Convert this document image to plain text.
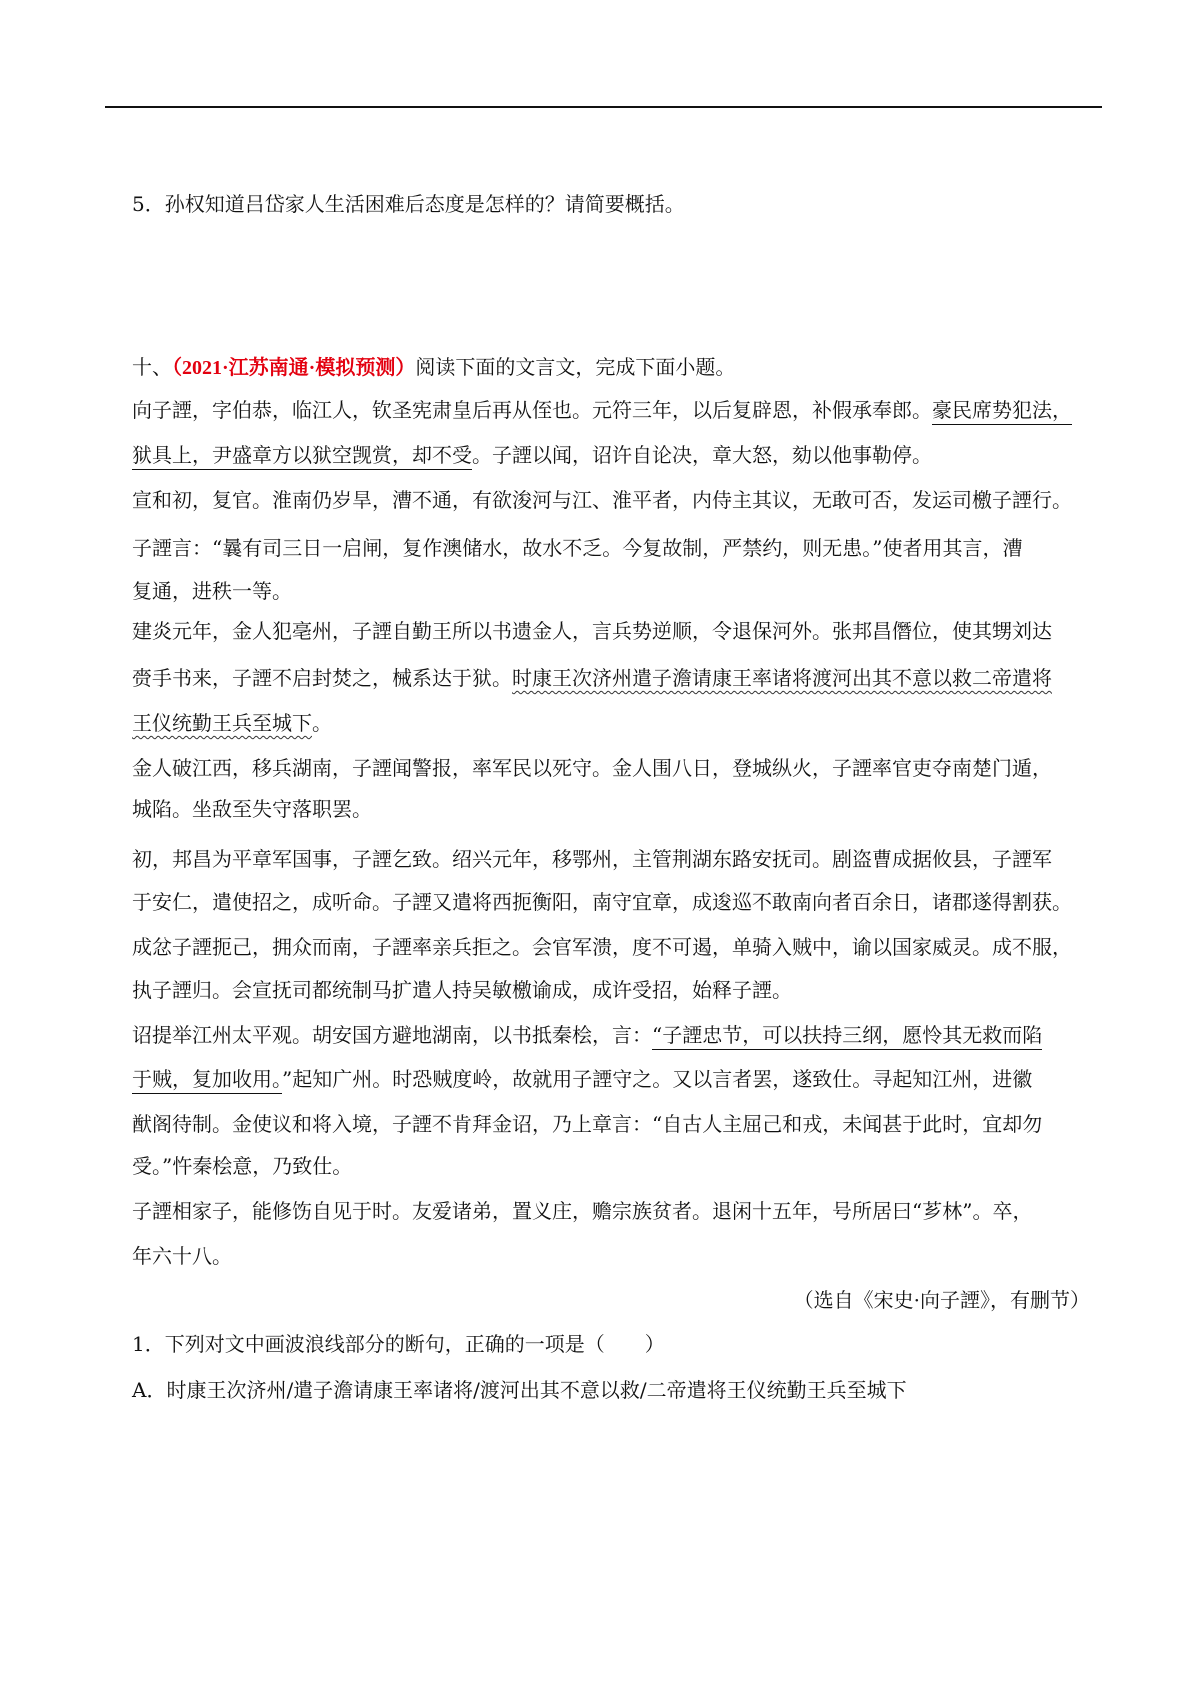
5．孙权知道吕岱家人生活困难后态度是怎样的？请简要概括。
十、（2021·江苏南通·模拟预测）阅读下面的文言文，完成下面小题。
向子諲，字伯恭，临江人，钦圣宪肃皇后再从侄也。元符三年，以后复辟恩，补假承奉郎。豪民席势犯法，
狱具上，尹盛章方以狱空觊赏，却不受。子諲以闻，诏许自论决，章大怒，劾以他事勒停。
宣和初，复官。淮南仍岁旱，漕不通，有欲浚河与江、淮平者，内侍主其议，无敢可否，发运司檄子諲行。
子諲言：“曩有司三日一启闸，复作澳储水，故水不乏。今复故制，严禁约，则无患。”使者用其言，漕
复通，进秩一等。
建炎元年，金人犯亳州，子諲自勤王所以书遗金人，言兵势逆顺，令退保河外。张邦昌僭位，使其甥刘达
赍手书来，子諲不启封焚之，械系达于狱。时康王次济州遣子澹请康王率诸将渡河出其不意以救二帝遣将
王仪统勤王兵至城下。
金人破江西，移兵湖南，子諲闻警报，率军民以死守。金人围八日，登城纵火，子諲率官吏夺南楚门遁，
城陷。坐敌至失守落职罢。
初，邦昌为平章军国事，子諲乞致。绍兴元年，移鄂州，主管荆湖东路安抚司。剧盗曹成据攸县，子諲军
于安仁，遣使招之，成听命。子諲又遣将西扼衡阳，南守宜章，成逡巡不敢南向者百余日，诸郡遂得割获。
成忿子諲扼己，拥众而南，子諲率亲兵拒之。会官军溃，度不可遏，单骑入贼中，谕以国家威灵。成不服，
执子諲归。会宣抚司都统制马扩遣人持吴敏檄谕成，成许受招，始释子諲。
诏提举江州太平观。胡安国方避地湖南，以书抵秦桧，言：“子諲忠节，可以扶持三纲，愿怜其无救而陷
于贼，复加收用。”起知广州。时恐贼度岭，故就用子諲守之。又以言者罢，遂致仕。寻起知江州，进徽
猷阁待制。金使议和将入境，子諲不肯拜金诏，乃上章言：“自古人主屈己和戎，未闻甚于此时，宜却勿
受。”忤秦桧意，乃致仕。
子諲相家子，能修饬自见于时。友爱诸弟，置义庄，赡宗族贫者。退闲十五年，号所居曰“芗林”。卒，
年六十八。
（选自《宋史·向子諲》，有删节）
1．下列对文中画波浪线部分的断句，正确的一项是（　　）
A．时康王次济州/遣子澹请康王率诸将/渡河出其不意以救/二帝遣将王仪统勤王兵至城下
